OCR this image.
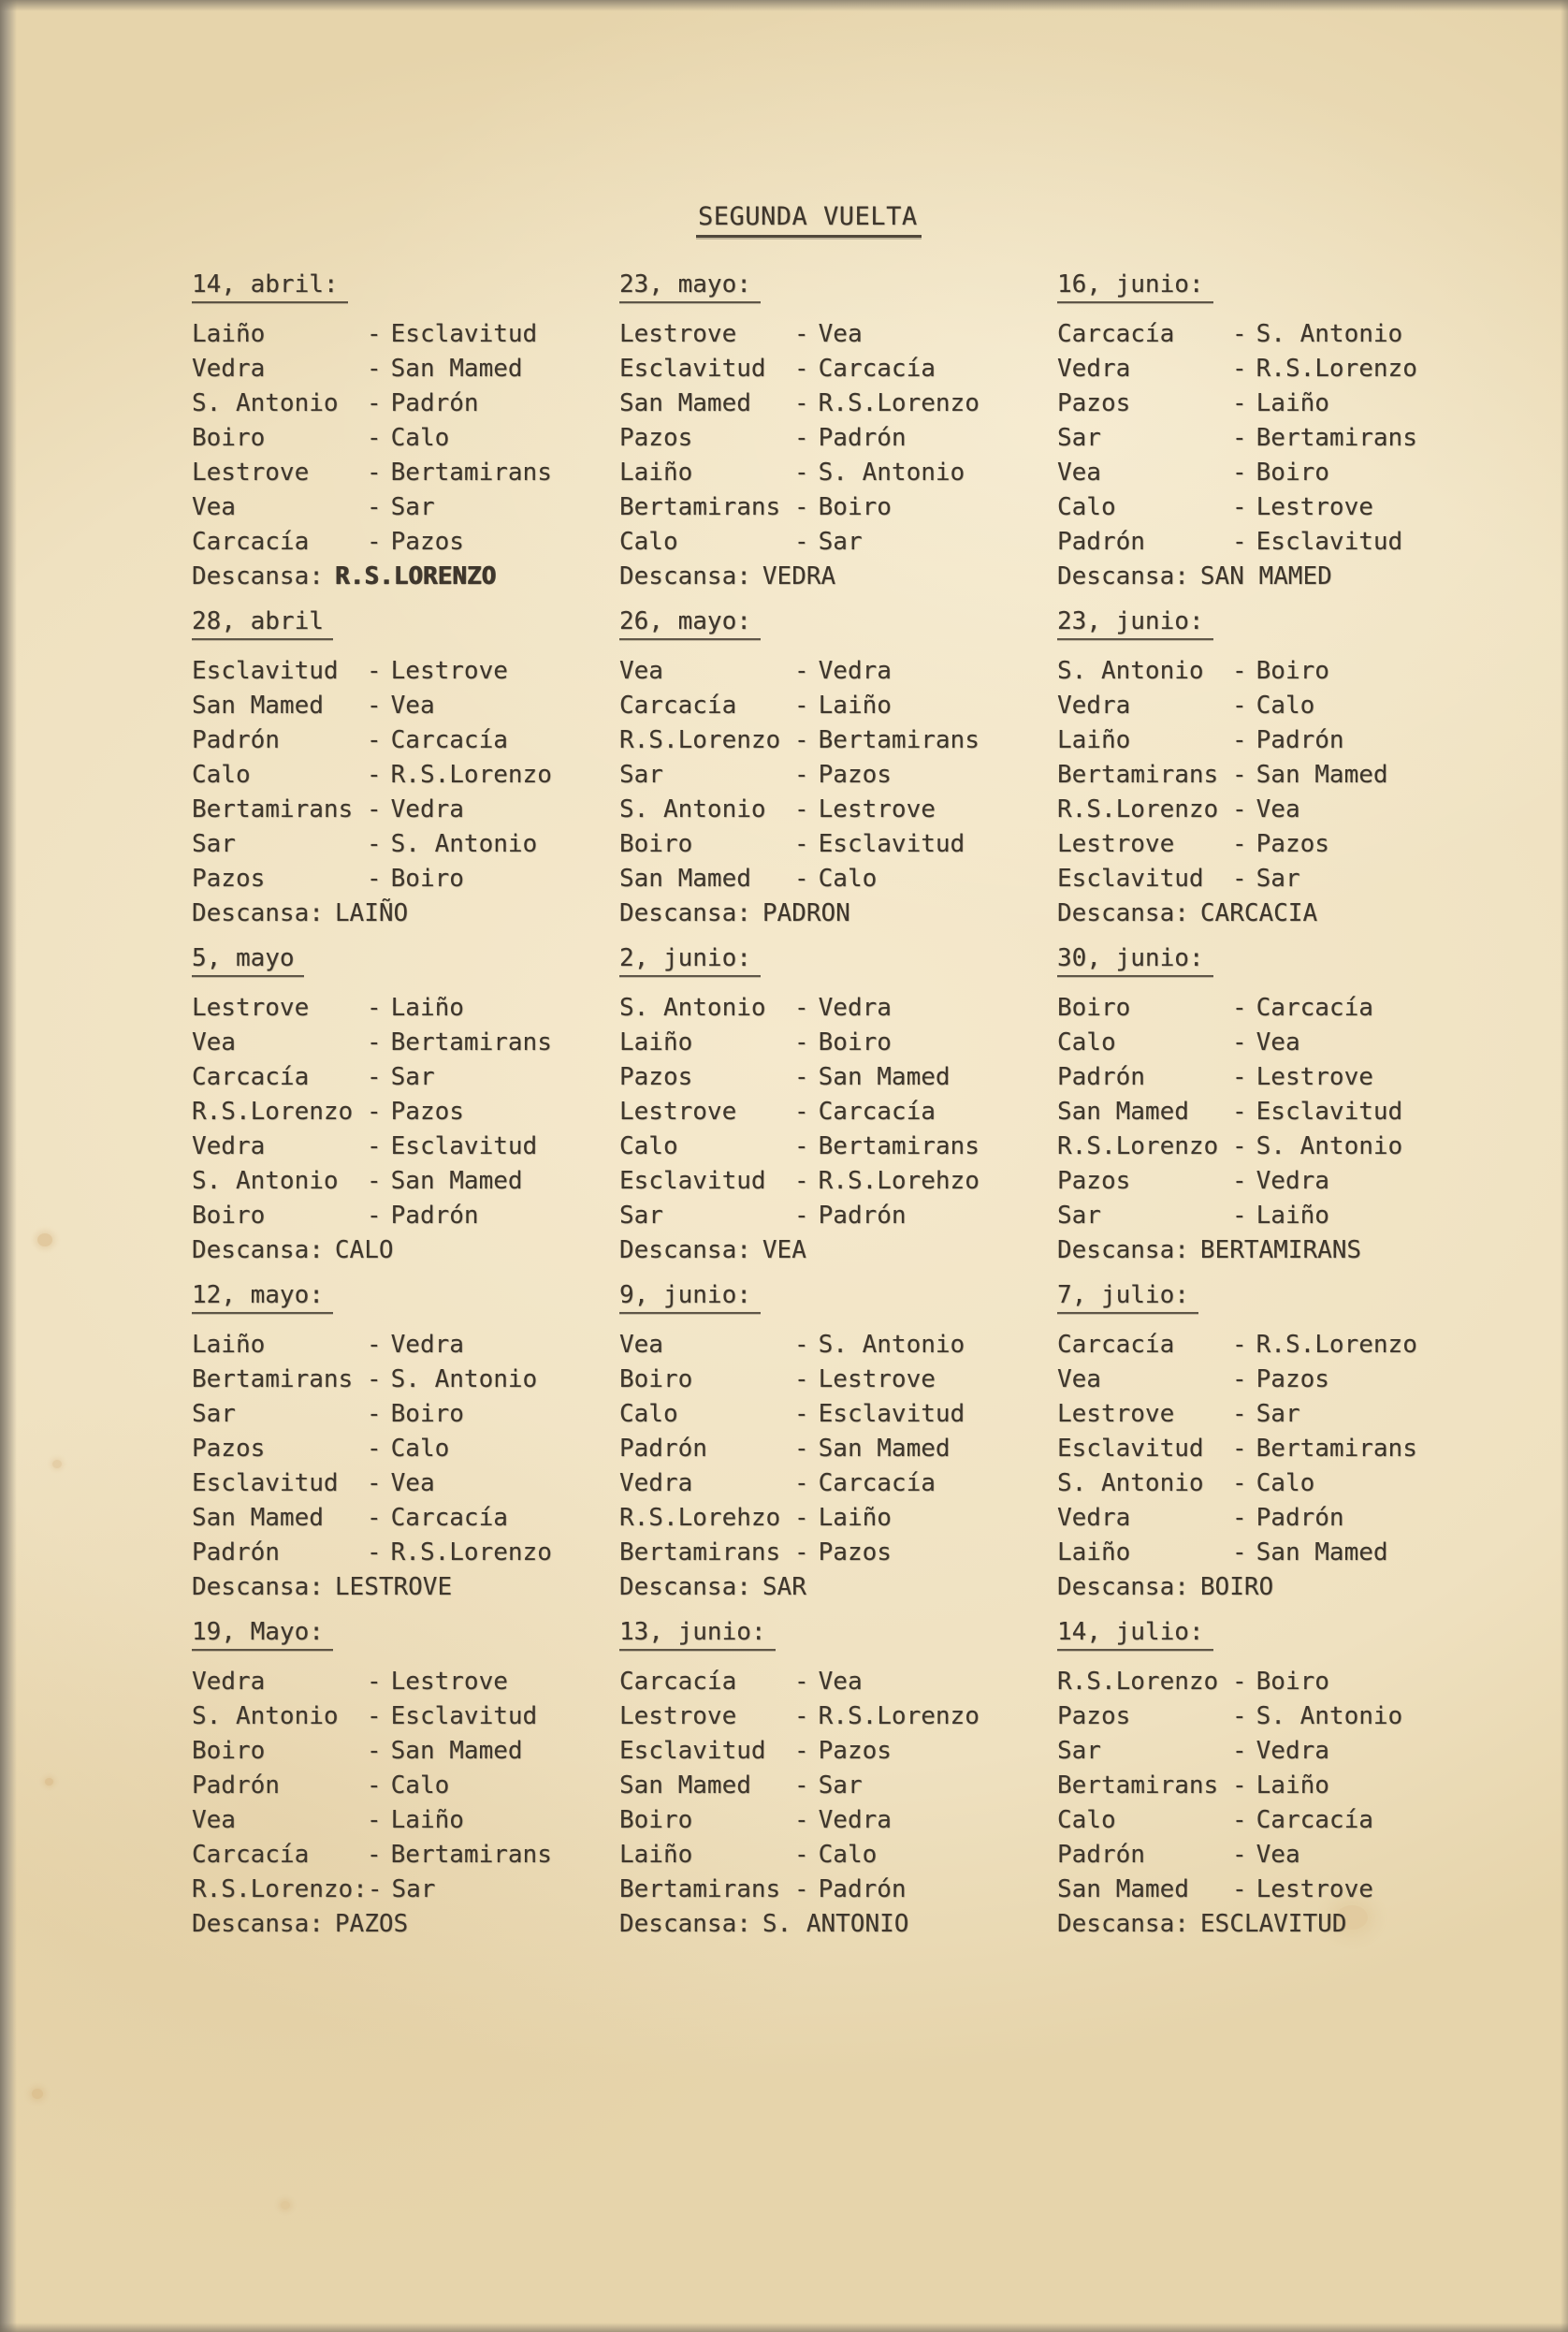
SEGUNDA VUELTA
14, abril:
Laiño	- Esclavitud
Vedra	- San Mamed
S. Antonio - Padrón
Boiro	- Calo
Lestrove - Bertamirans
Vea	- Sar
Carcacía - Pazos
Descansa: R.S.LORENZO
28, abril
Esclavitud - Lestrove
San Mamed - Vea
Padrón	- Carcacía
Calo	- R.S.Lorenzo
Bertamirans - Vedra
Sar	- S. Antonio
Pazos	- Boiro
Descansa: LAIÑO
5, mayo
Lestrove - Laiño
Vea	- Bertamirans
Carcacía - Sar
R.S.Lorenzo - Pazos
Vedra	- Esclavitud
S. Antonio - San Mamed
Boiro	- Padrón
Descansa: CALO
12, mayo:
Laiño	- Vedra
Bertamirans - S. Antonio
Sar	- Boiro
Pazos	- Calo
Esclavitud - Vea
San Mamed - Carcacía
Padrón	- R.S.Lorenzo
Descansa: LESTROVE
19, Mayo:
Vedra	- Lestrove
S. Antonio - Esclavitud
Boiro	- San Mamed
Padrón	- Calo
Vea	- Laiño
Carcacía - Bertamirans
R.S.Lorenzo:- Sar
Descansa: PAZOS
23, mayo:
Lestrove - Vea
Esclavitud - Carcacía
San Mamed - R.S.Lorenzo
Pazos	- Padrón
Laiño	- S. Antonio
Bertamirans - Boiro
Calo	- Sar
Descansa: VEDRA
26, mayo:
Vea	- Vedra
Carcacía - Laiño
R.S.Lorenzo - Bertamirans
Sar	- Pazos
S. Antonio - Lestrove
Boiro	- Esclavitud
San Mamed - Calo
Descansa: PADRON
2, junio:
S. Antonio - Vedra
Laiño	- Boiro
Pazos	- San Mamed
Lestrove - Carcacía
Calo	- Bertamirans
Esclavitud - R.S.Lorehzo
Sar	- Padrón
Descansa: VEA
9, junio:
Vea	- S. Antonio
Boiro	- Lestrove
Calo	- Esclavitud
Padrón	- San Mamed
Vedra	- Carcacía
R.S.Lorehzo - Laiño
Bertamirans - Pazos
Descansa: SAR
13, junio:
Carcacía - Vea
Lestrove - R.S.Lorenzo
Esclavitud - Pazos
San Mamed - Sar
Boiro	- Vedra
Laiño	- Calo
Bertamirans - Padrón
Descansa: S. ANTONIO
16, junio:
Carcacía - S. Antonio
Vedra	- R.S.Lorenzo
Pazos	- Laiño
Sar	- Bertamirans
Vea	- Boiro
Calo	- Lestrove
Padrón	- Esclavitud
Descansa: SAN MAMED
23, junio:
S. Antonio - Boiro
Vedra	- Calo
Laiño	- Padrón
Bertamirans - San Mamed
R.S.Lorenzo - Vea
Lestrove - Pazos
Esclavitud - Sar
Descansa: CARCACIA
30, junio:
Boiro	- Carcacía
Calo	- Vea
Padrón	- Lestrove
San Mamed - Esclavitud
R.S.Lorenzo - S. Antonio
Pazos	- Vedra
Sar	- Laiño
Descansa: BERTAMIRANS
7, julio:
Carcacía - R.S.Lorenzo
Vea	- Pazos
Lestrove - Sar
Esclavitud - Bertamirans
S. Antonio - Calo
Vedra	- Padrón
Laiño	- San Mamed
Descansa: BOIRO
14, julio:
R.S.Lorenzo - Boiro
Pazos	- S. Antonio
Sar	- Vedra
Bertamirans - Laiño
Calo	- Carcacía
Padrón	- Vea
San Mamed - Lestrove
Descansa: ESCLAVITUD
